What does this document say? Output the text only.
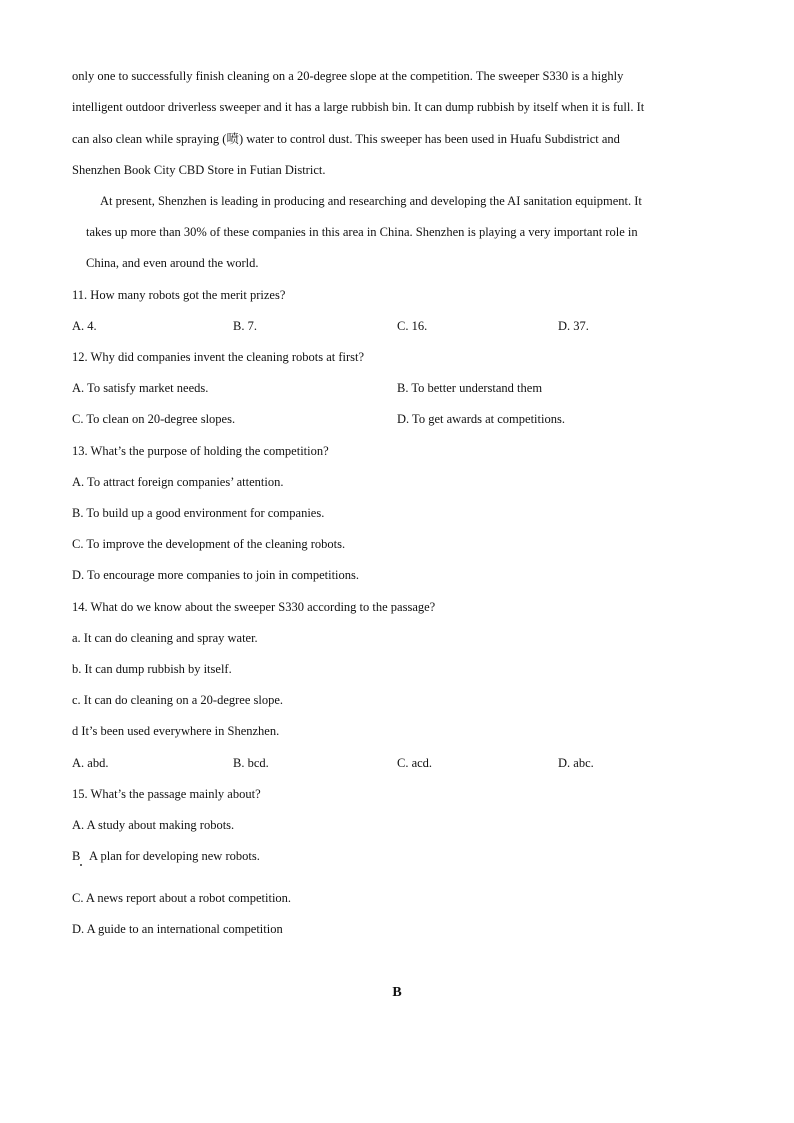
only one to successfully finish cleaning on a 20-degree slope at the competition. The sweeper S330 is a highly
intelligent outdoor driverless sweeper and it has a large rubbish bin. It can dump rubbish by itself when it is full. It
can also clean while spraying (喷) water to control dust. This sweeper has been used in Huafu Subdistrict and
Shenzhen Book City CBD Store in Futian District.
At present, Shenzhen is leading in producing and researching and developing the AI sanitation equipment. It
takes up more than 30% of these companies in this area in China. Shenzhen is playing a very important role in
China, and even around the world.
11. How many robots got the merit prizes?
A. 4.	B. 7.	C. 16.	D. 37.
12. Why did companies invent the cleaning robots at first?
A. To satisfy market needs.	B. To better understand them
C. To clean on 20-degree slopes.	D. To get awards at competitions.
13. What’s the purpose of holding the competition?
A. To attract foreign companies’ attention.
B. To build up a good environment for companies.
C. To improve the development of the cleaning robots.
D. To encourage more companies to join in competitions.
14. What do we know about the sweeper S330 according to the passage?
a. It can do cleaning and spray water.
b. It can dump rubbish by itself.
c. It can do cleaning on a 20-degree slope.
d It’s been used everywhere in Shenzhen.
A. abd.	B. bcd.	C. acd.	D. abc.
15. What’s the passage mainly about?
A. A study about making robots.
B   A plan for developing new robots.
C. A news report about a robot competition.
D. A guide to an international competition
B
